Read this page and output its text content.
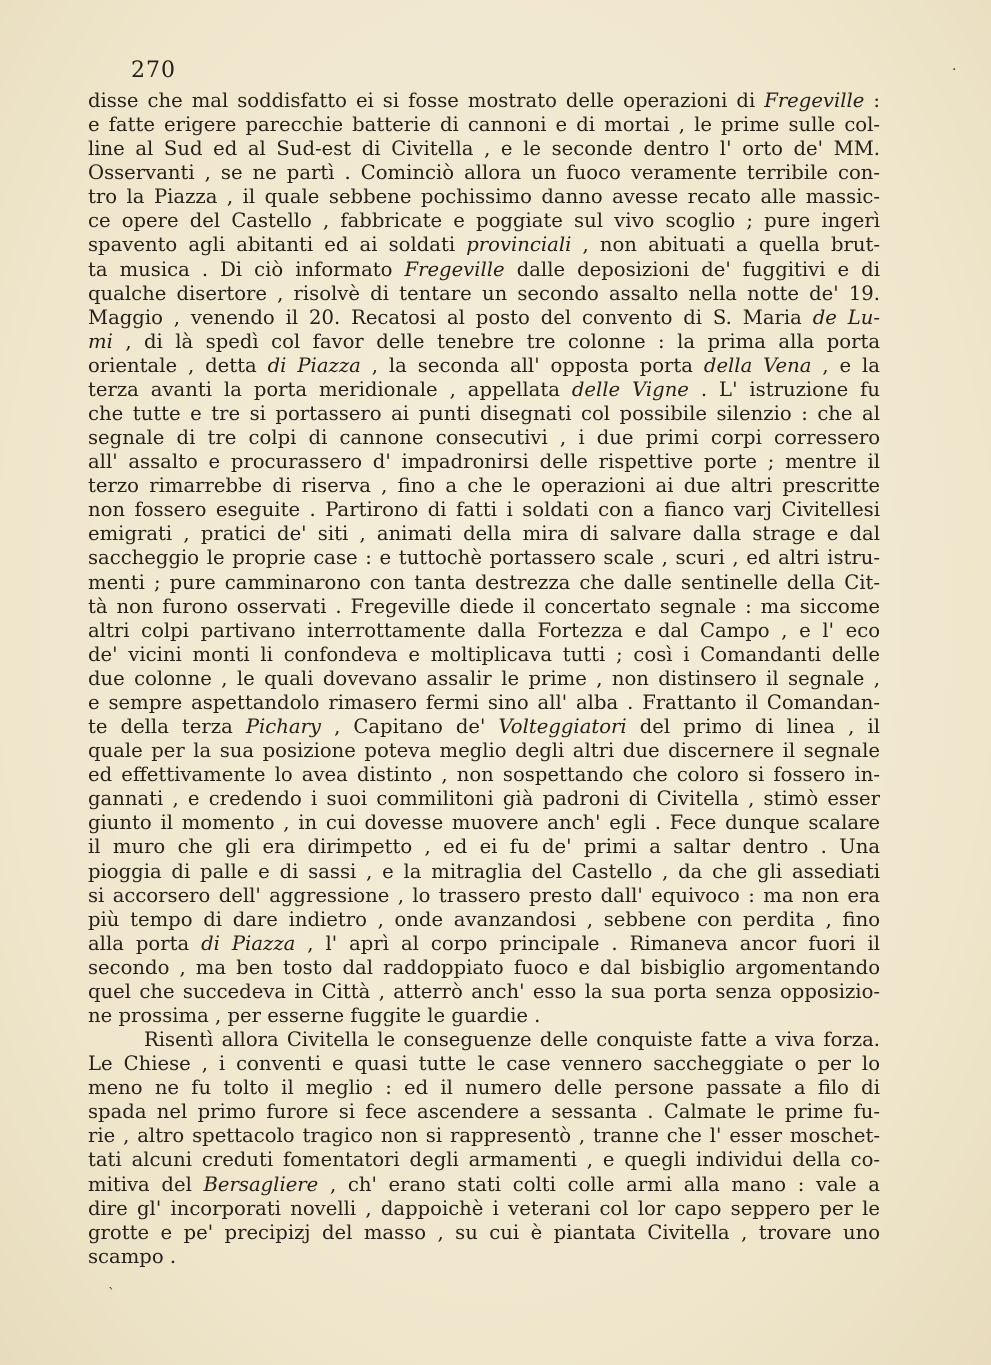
270
disse che mal soddisfatto ei si fosse mostrato delle operazioni di Fregeville :
e fatte erigere parecchie batterie di cannoni e di mortai , le prime sulle col-
line al Sud ed al Sud-est di Civitella , e le seconde dentro l' orto de' MM.
Osservanti , se ne partì . Cominciò allora un fuoco veramente terribile con-
tro la Piazza , il quale sebbene pochissimo danno avesse recato alle massic-
ce opere del Castello , fabbricate e poggiate sul vivo scoglio ; pure ingerì
spavento agli abitanti ed ai soldati provinciali , non abituati a quella brut-
ta musica . Di ciò informato Fregeville dalle deposizioni de' fuggitivi e di
qualche disertore , risolvè di tentare un secondo assalto nella notte de' 19.
Maggio , venendo il 20. Recatosi al posto del convento di S. Maria de Lu-
mi , di là spedì col favor delle tenebre tre colonne : la prima alla porta
orientale , detta di Piazza , la seconda all' opposta porta della Vena , e la
terza avanti la porta meridionale , appellata delle Vigne . L' istruzione fu
che tutte e tre si portassero ai punti disegnati col possibile silenzio : che al
segnale di tre colpi di cannone consecutivi , i due primi corpi corressero
all' assalto e procurassero d' impadronirsi delle rispettive porte ; mentre il
terzo rimarrebbe di riserva , fino a che le operazioni ai due altri prescritte
non fossero eseguite . Partirono di fatti i soldati con a fianco varj Civitellesi
emigrati , pratici de' siti , animati della mira di salvare dalla strage e dal
saccheggio le proprie case : e tuttochè portassero scale , scuri , ed altri istru-
menti ; pure camminarono con tanta destrezza che dalle sentinelle della Cit-
tà non furono osservati . Fregeville diede il concertato segnale : ma siccome
altri colpi partivano interrottamente dalla Fortezza e dal Campo , e l' eco
de' vicini monti li confondeva e moltiplicava tutti ; così i Comandanti delle
due colonne , le quali dovevano assalir le prime , non distinsero il segnale ,
e sempre aspettandolo rimasero fermi sino all' alba . Frattanto il Comandan-
te della terza Pichary , Capitano de' Volteggiatori del primo di linea , il
quale per la sua posizione poteva meglio degli altri due discernere il segnale
ed effettivamente lo avea distinto , non sospettando che coloro si fossero in-
gannati , e credendo i suoi commilitoni già padroni di Civitella , stimò esser
giunto il momento , in cui dovesse muovere anch' egli . Fece dunque scalare
il muro che gli era dirimpetto , ed ei fu de' primi a saltar dentro . Una
pioggia di palle e di sassi , e la mitraglia del Castello , da che gli assediati
si accorsero dell' aggressione , lo trassero presto dall' equivoco : ma non era
più tempo di dare indietro , onde avanzandosi , sebbene con perdita , fino
alla porta di Piazza , l' aprì al corpo principale . Rimaneva ancor fuori il
secondo , ma ben tosto dal raddoppiato fuoco e dal bisbiglio argomentando
quel che succedeva in Città , atterrò anch' esso la sua porta senza opposizio-
ne prossima , per esserne fuggite le guardie .
Risentì allora Civitella le conseguenze delle conquiste fatte a viva forza.
Le Chiese , i conventi e quasi tutte le case vennero saccheggiate o per lo
meno ne fu tolto il meglio : ed il numero delle persone passate a filo di
spada nel primo furore si fece ascendere a sessanta . Calmate le prime fu-
rie , altro spettacolo tragico non si rappresentò , tranne che l' esser moschet-
tati alcuni creduti fomentatori degli armamenti , e quegli individui della co-
mitiva del Bersagliere , ch' erano stati colti colle armi alla mano : vale a
dire gl' incorporati novelli , dappoichè i veterani col lor capo seppero per le
grotte e pe' precipizj del masso , su cui è piantata Civitella , trovare uno
scampo .
·
`
